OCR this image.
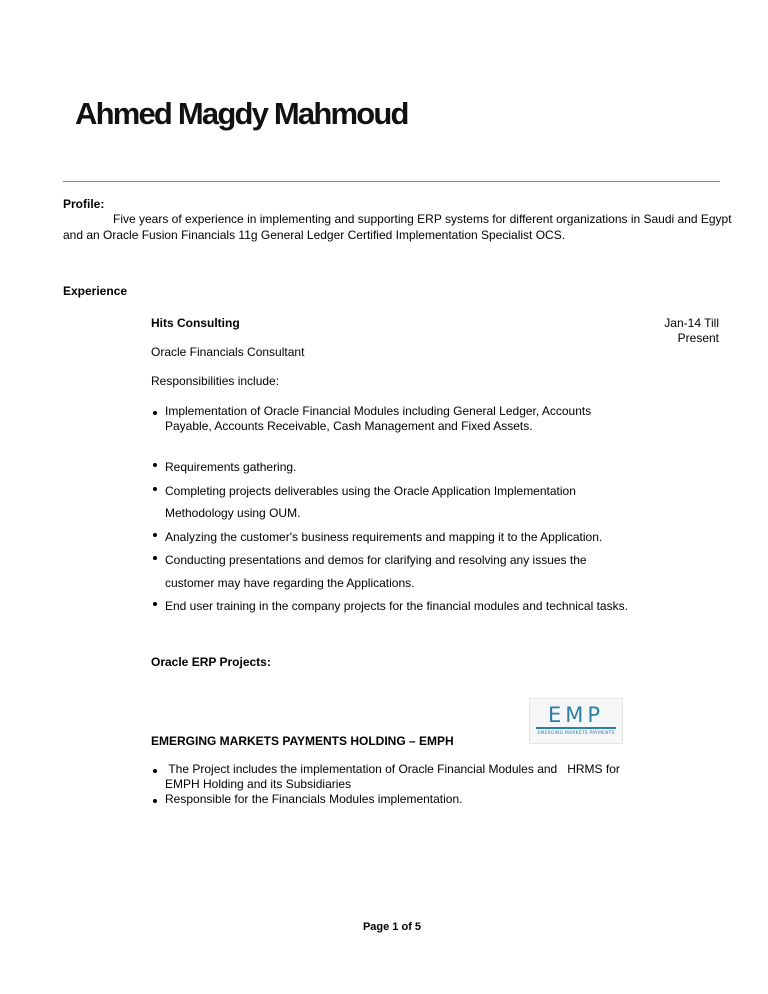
Ahmed Magdy Mahmoud
Profile:
Five years of experience in implementing and supporting ERP systems for different organizations in Saudi and Egypt and an Oracle Fusion Financials 11g General Ledger Certified Implementation Specialist OCS.
Experience
Hits Consulting	Jan-14 Till
Present
Oracle Financials Consultant
Responsibilities include:
Implementation of Oracle Financial Modules including General Ledger, Accounts Payable, Accounts Receivable, Cash Management and Fixed Assets.
Requirements gathering.
Completing projects deliverables using the Oracle Application Implementation Methodology using OUM.
Analyzing the customer's business requirements and mapping it to the Application.
Conducting presentations and demos for clarifying and resolving any issues the customer may have regarding the Applications.
End user training in the company projects for the financial modules and technical tasks.
Oracle ERP Projects:
EMP
EMERGING MARKETS PAYMENTS
EMERGING MARKETS PAYMENTS HOLDING – EMPH
The Project includes the implementation of Oracle Financial Modules and   HRMS for EMPH Holding and its Subsidiaries
Responsible for the Financials Modules implementation.
Page 1 of 5
